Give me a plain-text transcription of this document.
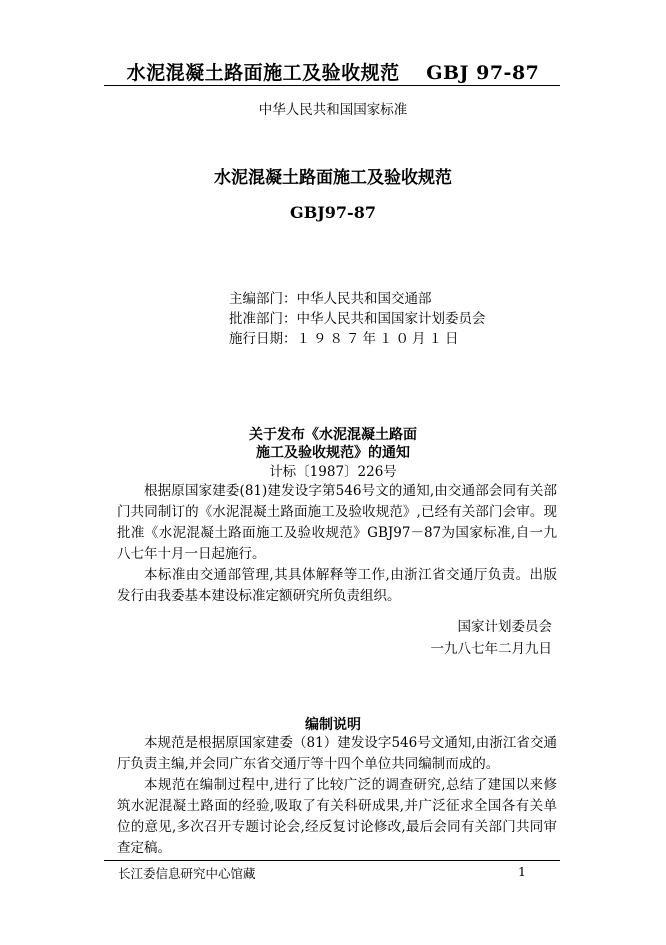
水泥混凝土路面施工及验收规范　 GBJ 97-87
中华人民共和国国家标准
水泥混凝土路面施工及验收规范
GBJ97-87
主编部门：中华人民共和国交通部
批准部门：中华人民共和国国家计划委员会
施行日期：１９８７年１０月１日
关于发布《水泥混凝土路面
施工及验收规范》的通知
计标〔1987〕226号

根据原国家建委(81)建发设字第546号文的通知,由交通部会同有关部门共同制订的《水泥混凝土路面施工及验收规范》,已经有关部门会审。现批准《水泥混凝土路面施工及验收规范》GBJ97－87为国家标准,自一九八七年十月一日起施行。

本标准由交通部管理,其具体解释等工作,由浙江省交通厅负责。出版发行由我委基本建设标准定额研究所负责组织。

国家计划委员会
一九八七年二月九日
编制说明

本规范是根据原国家建委（81）建发设字546号文通知,由浙江省交通厅负责主编,并会同广东省交通厅等十四个单位共同编制而成的。

本规范在编制过程中,进行了比较广泛的调查研究,总结了建国以来修筑水泥混凝土路面的经验,吸取了有关科研成果,并广泛征求全国各有关单位的意见,多次召开专题讨论会,经反复讨论修改,最后会同有关部门共同审查定稿。

长江委信息研究中心馆藏	1
